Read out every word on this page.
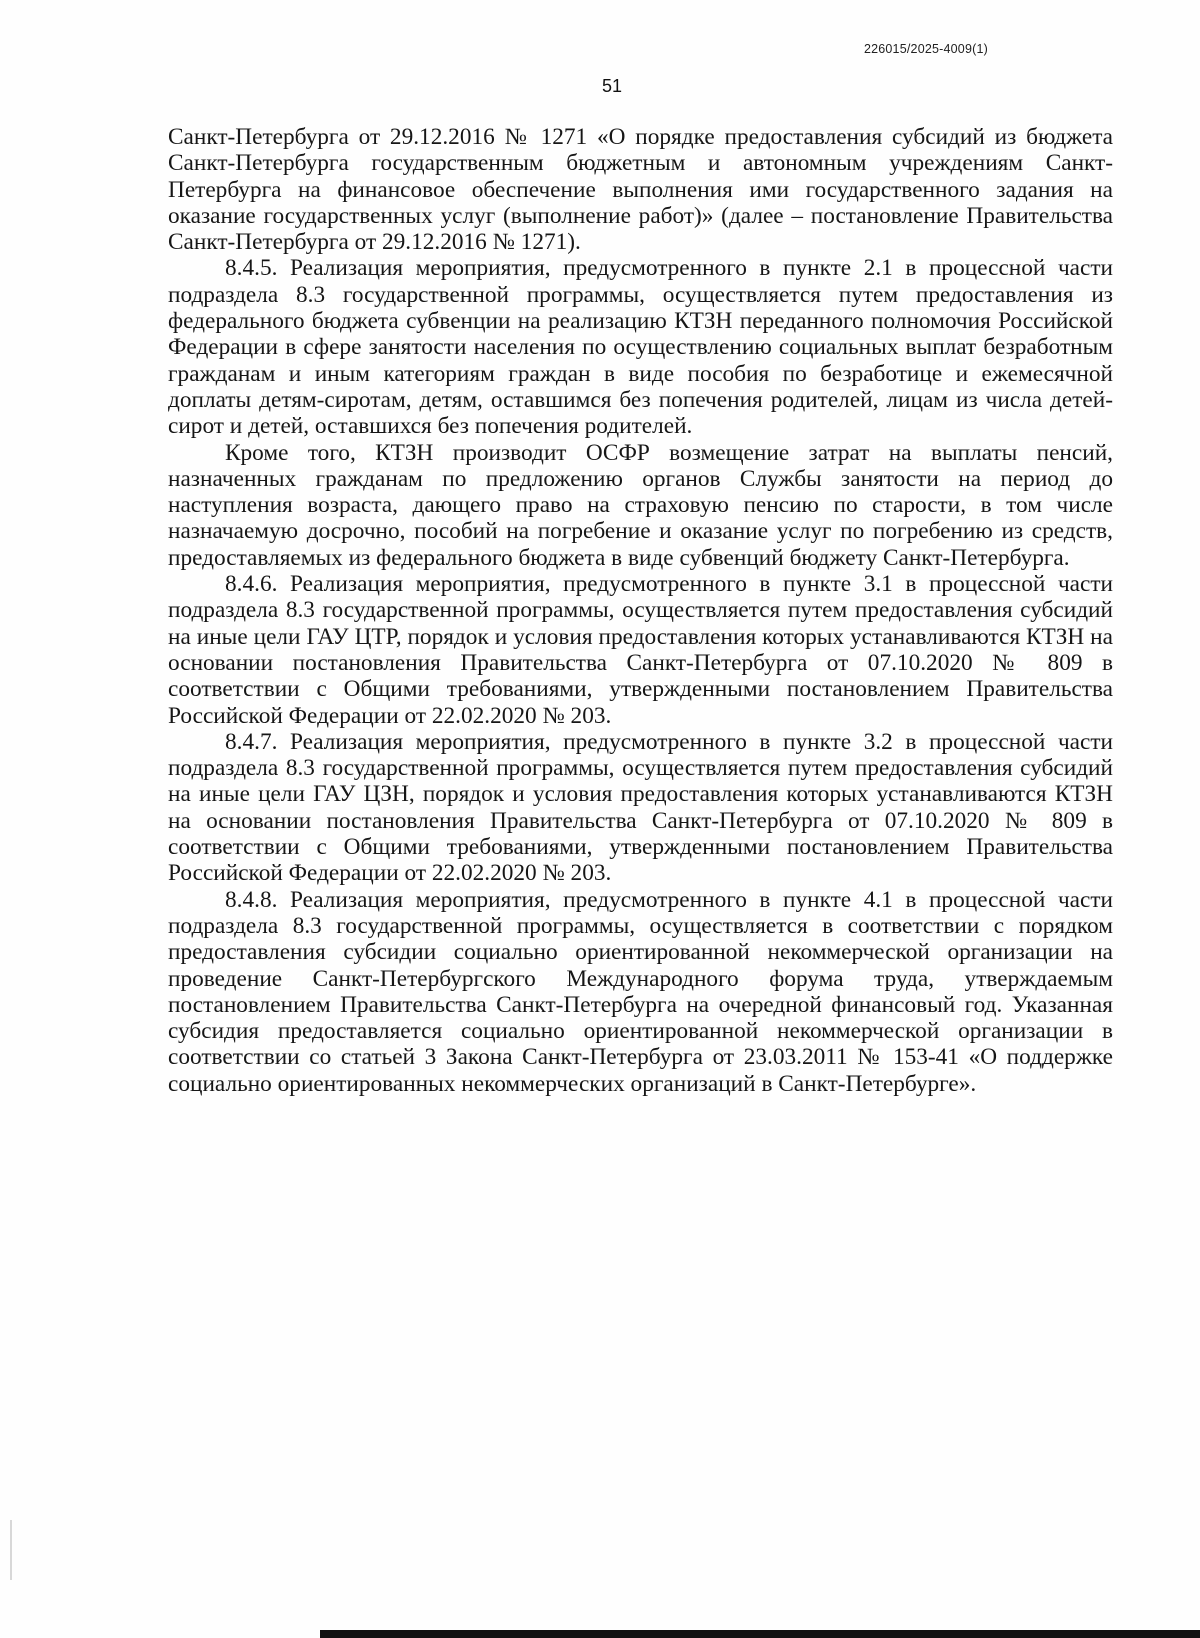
226015/2025-4009(1)
51

Санкт-Петербурга от 29.12.2016 № 1271 «О порядке предоставления субсидий из бюджета Санкт-Петербурга государственным бюджетным и автономным учреждениям Санкт-Петербурга на финансовое обеспечение выполнения ими государственного задания на оказание государственных услуг (выполнение работ)» (далее – постановление Правительства Санкт-Петербурга от 29.12.2016 № 1271).

8.4.5. Реализация мероприятия, предусмотренного в пункте 2.1 в процессной части подраздела 8.3 государственной программы, осуществляется путем предоставления из федерального бюджета субвенции на реализацию КТЗН переданного полномочия Российской Федерации в сфере занятости населения по осуществлению социальных выплат безработным гражданам и иным категориям граждан в виде пособия по безработице и ежемесячной доплаты детям-сиротам, детям, оставшимся без попечения родителей, лицам из числа детей-сирот и детей, оставшихся без попечения родителей.

Кроме того, КТЗН производит ОСФР возмещение затрат на выплаты пенсий, назначенных гражданам по предложению органов Службы занятости на период до наступления возраста, дающего право на страховую пенсию по старости, в том числе назначаемую досрочно, пособий на погребение и оказание услуг по погребению из средств, предоставляемых из федерального бюджета в виде субвенций бюджету Санкт-Петербурга.

8.4.6. Реализация мероприятия, предусмотренного в пункте 3.1 в процессной части подраздела 8.3 государственной программы, осуществляется путем предоставления субсидий на иные цели ГАУ ЦТР, порядок и условия предоставления которых устанавливаются КТЗН на основании постановления Правительства Санкт-Петербурга от 07.10.2020 № 809 в соответствии с Общими требованиями, утвержденными постановлением Правительства Российской Федерации от 22.02.2020 № 203.

8.4.7. Реализация мероприятия, предусмотренного в пункте 3.2 в процессной части подраздела 8.3 государственной программы, осуществляется путем предоставления субсидий на иные цели ГАУ ЦЗН, порядок и условия предоставления которых устанавливаются КТЗН на основании постановления Правительства Санкт-Петербурга от 07.10.2020 № 809 в соответствии с Общими требованиями, утвержденными постановлением Правительства Российской Федерации от 22.02.2020 № 203.

8.4.8. Реализация мероприятия, предусмотренного в пункте 4.1 в процессной части подраздела 8.3 государственной программы, осуществляется в соответствии с порядком предоставления субсидии социально ориентированной некоммерческой организации на проведение Санкт-Петербургского Международного форума труда, утверждаемым постановлением Правительства Санкт-Петербурга на очередной финансовый год. Указанная субсидия предоставляется социально ориентированной некоммерческой организации в соответствии со статьей 3 Закона Санкт-Петербурга от 23.03.2011 № 153-41 «О поддержке социально ориентированных некоммерческих организаций в Санкт-Петербурге».
